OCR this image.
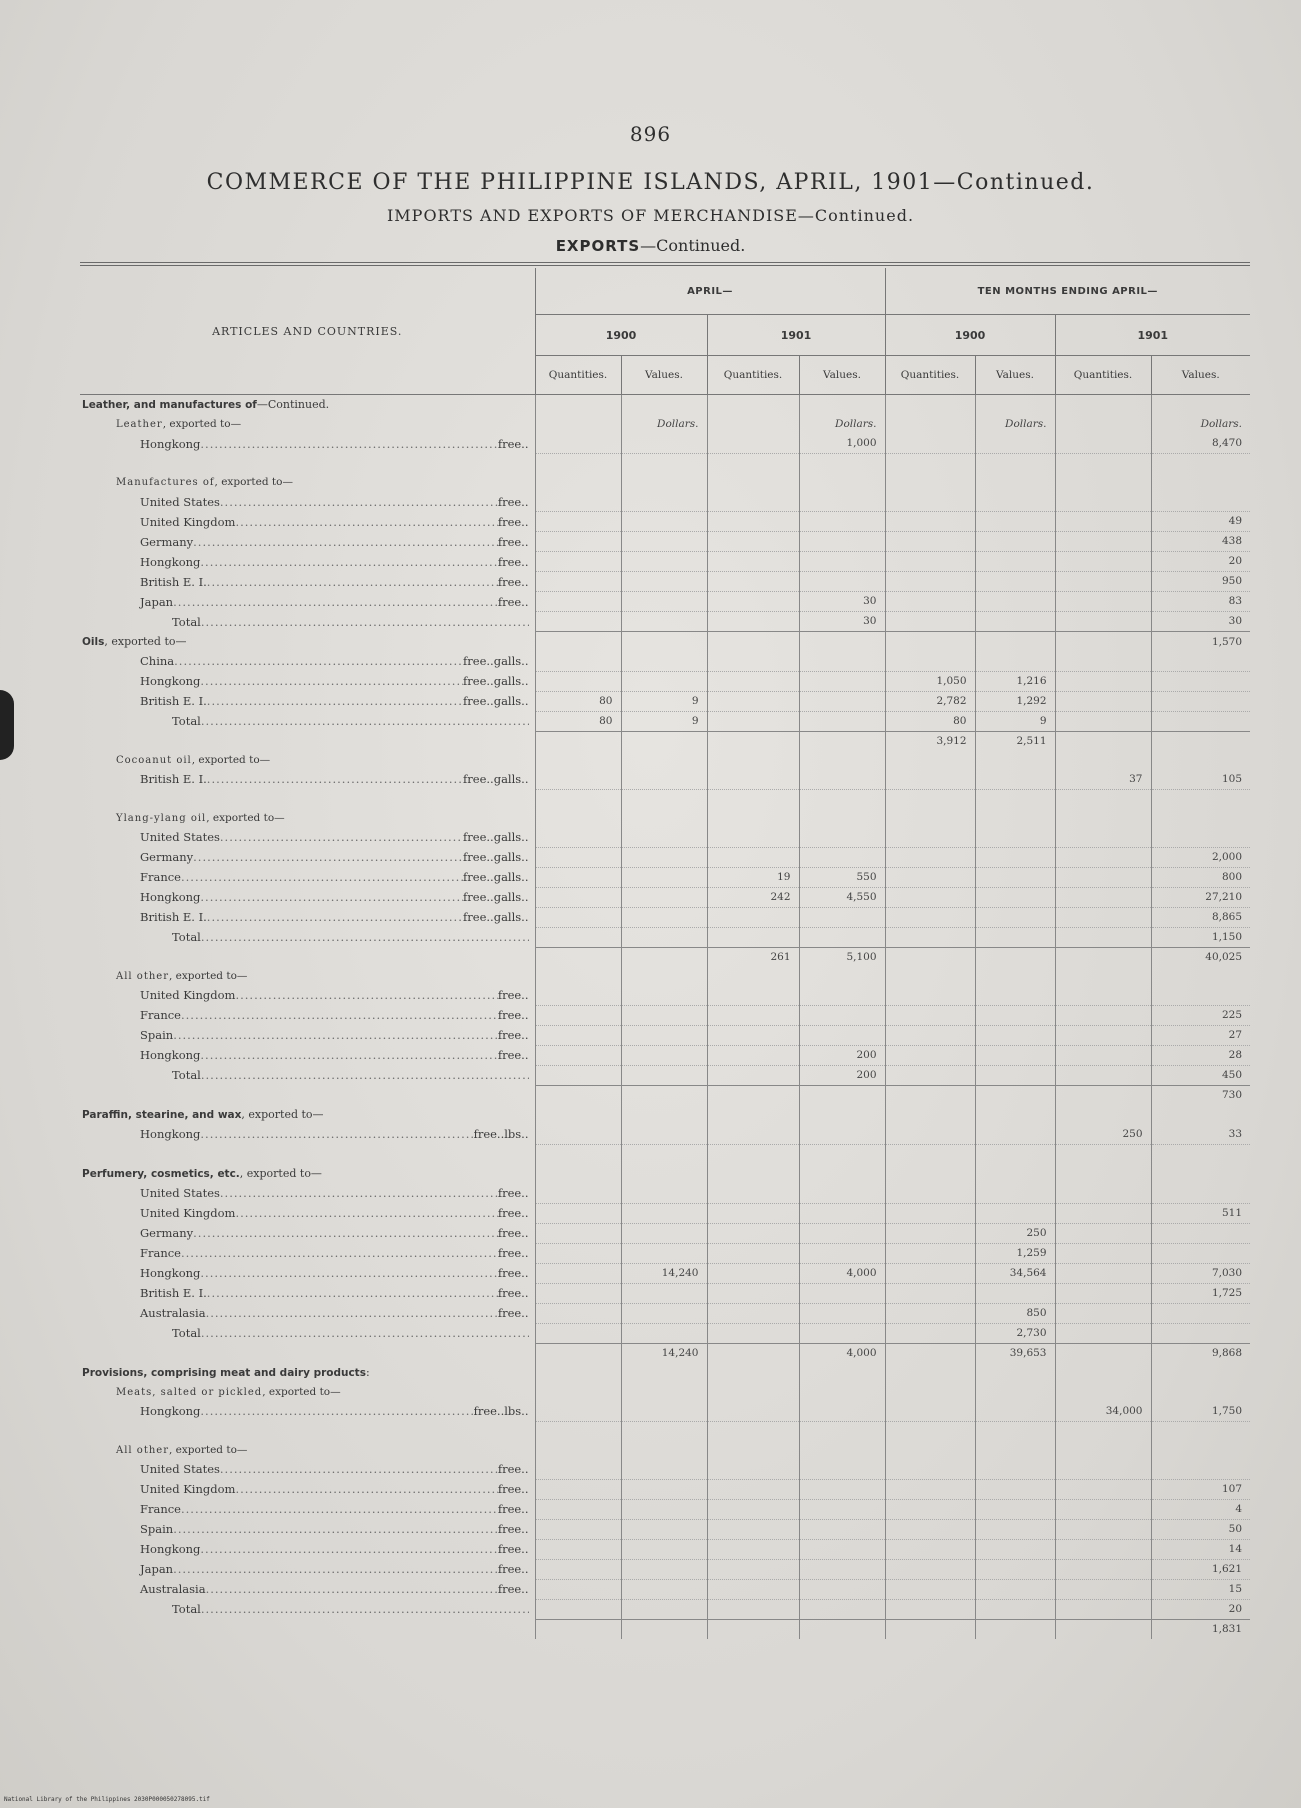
896
COMMERCE OF THE PHILIPPINE ISLANDS, APRIL, 1901—Continued.
IMPORTS AND EXPORTS OF MERCHANDISE—Continued.
EXPORTS—Continued.
ARTICLES AND COUNTRIES.	APRIL—				TEN MONTHS ENDING APRIL—			
	1900		1901		1900		1901	
	Quantities.	Values.	Quantities.	Values.	Quantities.	Values.	Quantities.	Values.
Leather, and manufactures of—Continued.								
Leather, exported to—		Dollars.		Dollars.		Dollars.		Dollars.

Hongkong ..... free..				1,000				8,470

Manufactures of, exported to—								

United States ..... free..

United Kingdom ..... free..								49

Germany ..... free..								438

Hongkong ..... free..								20

British E. I. ..... free..								950

Japan ..... free..				30				83

Total
.....				30				30
Oils, exported to—								1,570

China ..... free..galls..

Hongkong ..... free..galls..					1,050	1,216		

British E. I. ..... free..galls..	80	9			2,782	1,292		

Total
.....	80	9			80	9		
					3,912	2,511		
Cocoanut oil, exported to—								

British E. I. ..... free..galls..							37	105

Ylang-ylang oil, exported to—								

United States ..... free..galls..

Germany ..... free..galls..								2,000

France ..... free..galls..			19	550				800

Hongkong ..... free..galls..			242	4,550				27,210

British E. I. ..... free..galls..								8,865

Total
.....								1,150
			261	5,100				40,025
All other, exported to—								

United Kingdom ..... free..

France ..... free..								225

Spain ..... free..								27

Hongkong ..... free..				200				28

Total
.....				200				450
								730
Paraffin, stearine, and wax, exported to—								

Hongkong ..... free..lbs..							250	33

Perfumery, cosmetics, etc., exported to—								

United States ..... free..

United Kingdom ..... free..								511

Germany ..... free..						250		

France ..... free..						1,259		

Hongkong ..... free..		14,240		4,000		34,564		7,030

British E. I. ..... free..								1,725

Australasia ..... free..						850		

Total
.....						2,730		
		14,240		4,000		39,653		9,868
Provisions, comprising meat and dairy products:								
Meats, salted or pickled, exported to—								

Hongkong ..... free..lbs..							34,000	1,750

All other, exported to—								

United States ..... free..

United Kingdom ..... free..								107

France ..... free..								4

Spain ..... free..								50

Hongkong ..... free..								14

Japan ..... free..								1,621

Australasia ..... free..								15

Total
.....								20
								1,831
National Library of the Philippines 2030P000050278095.tif
